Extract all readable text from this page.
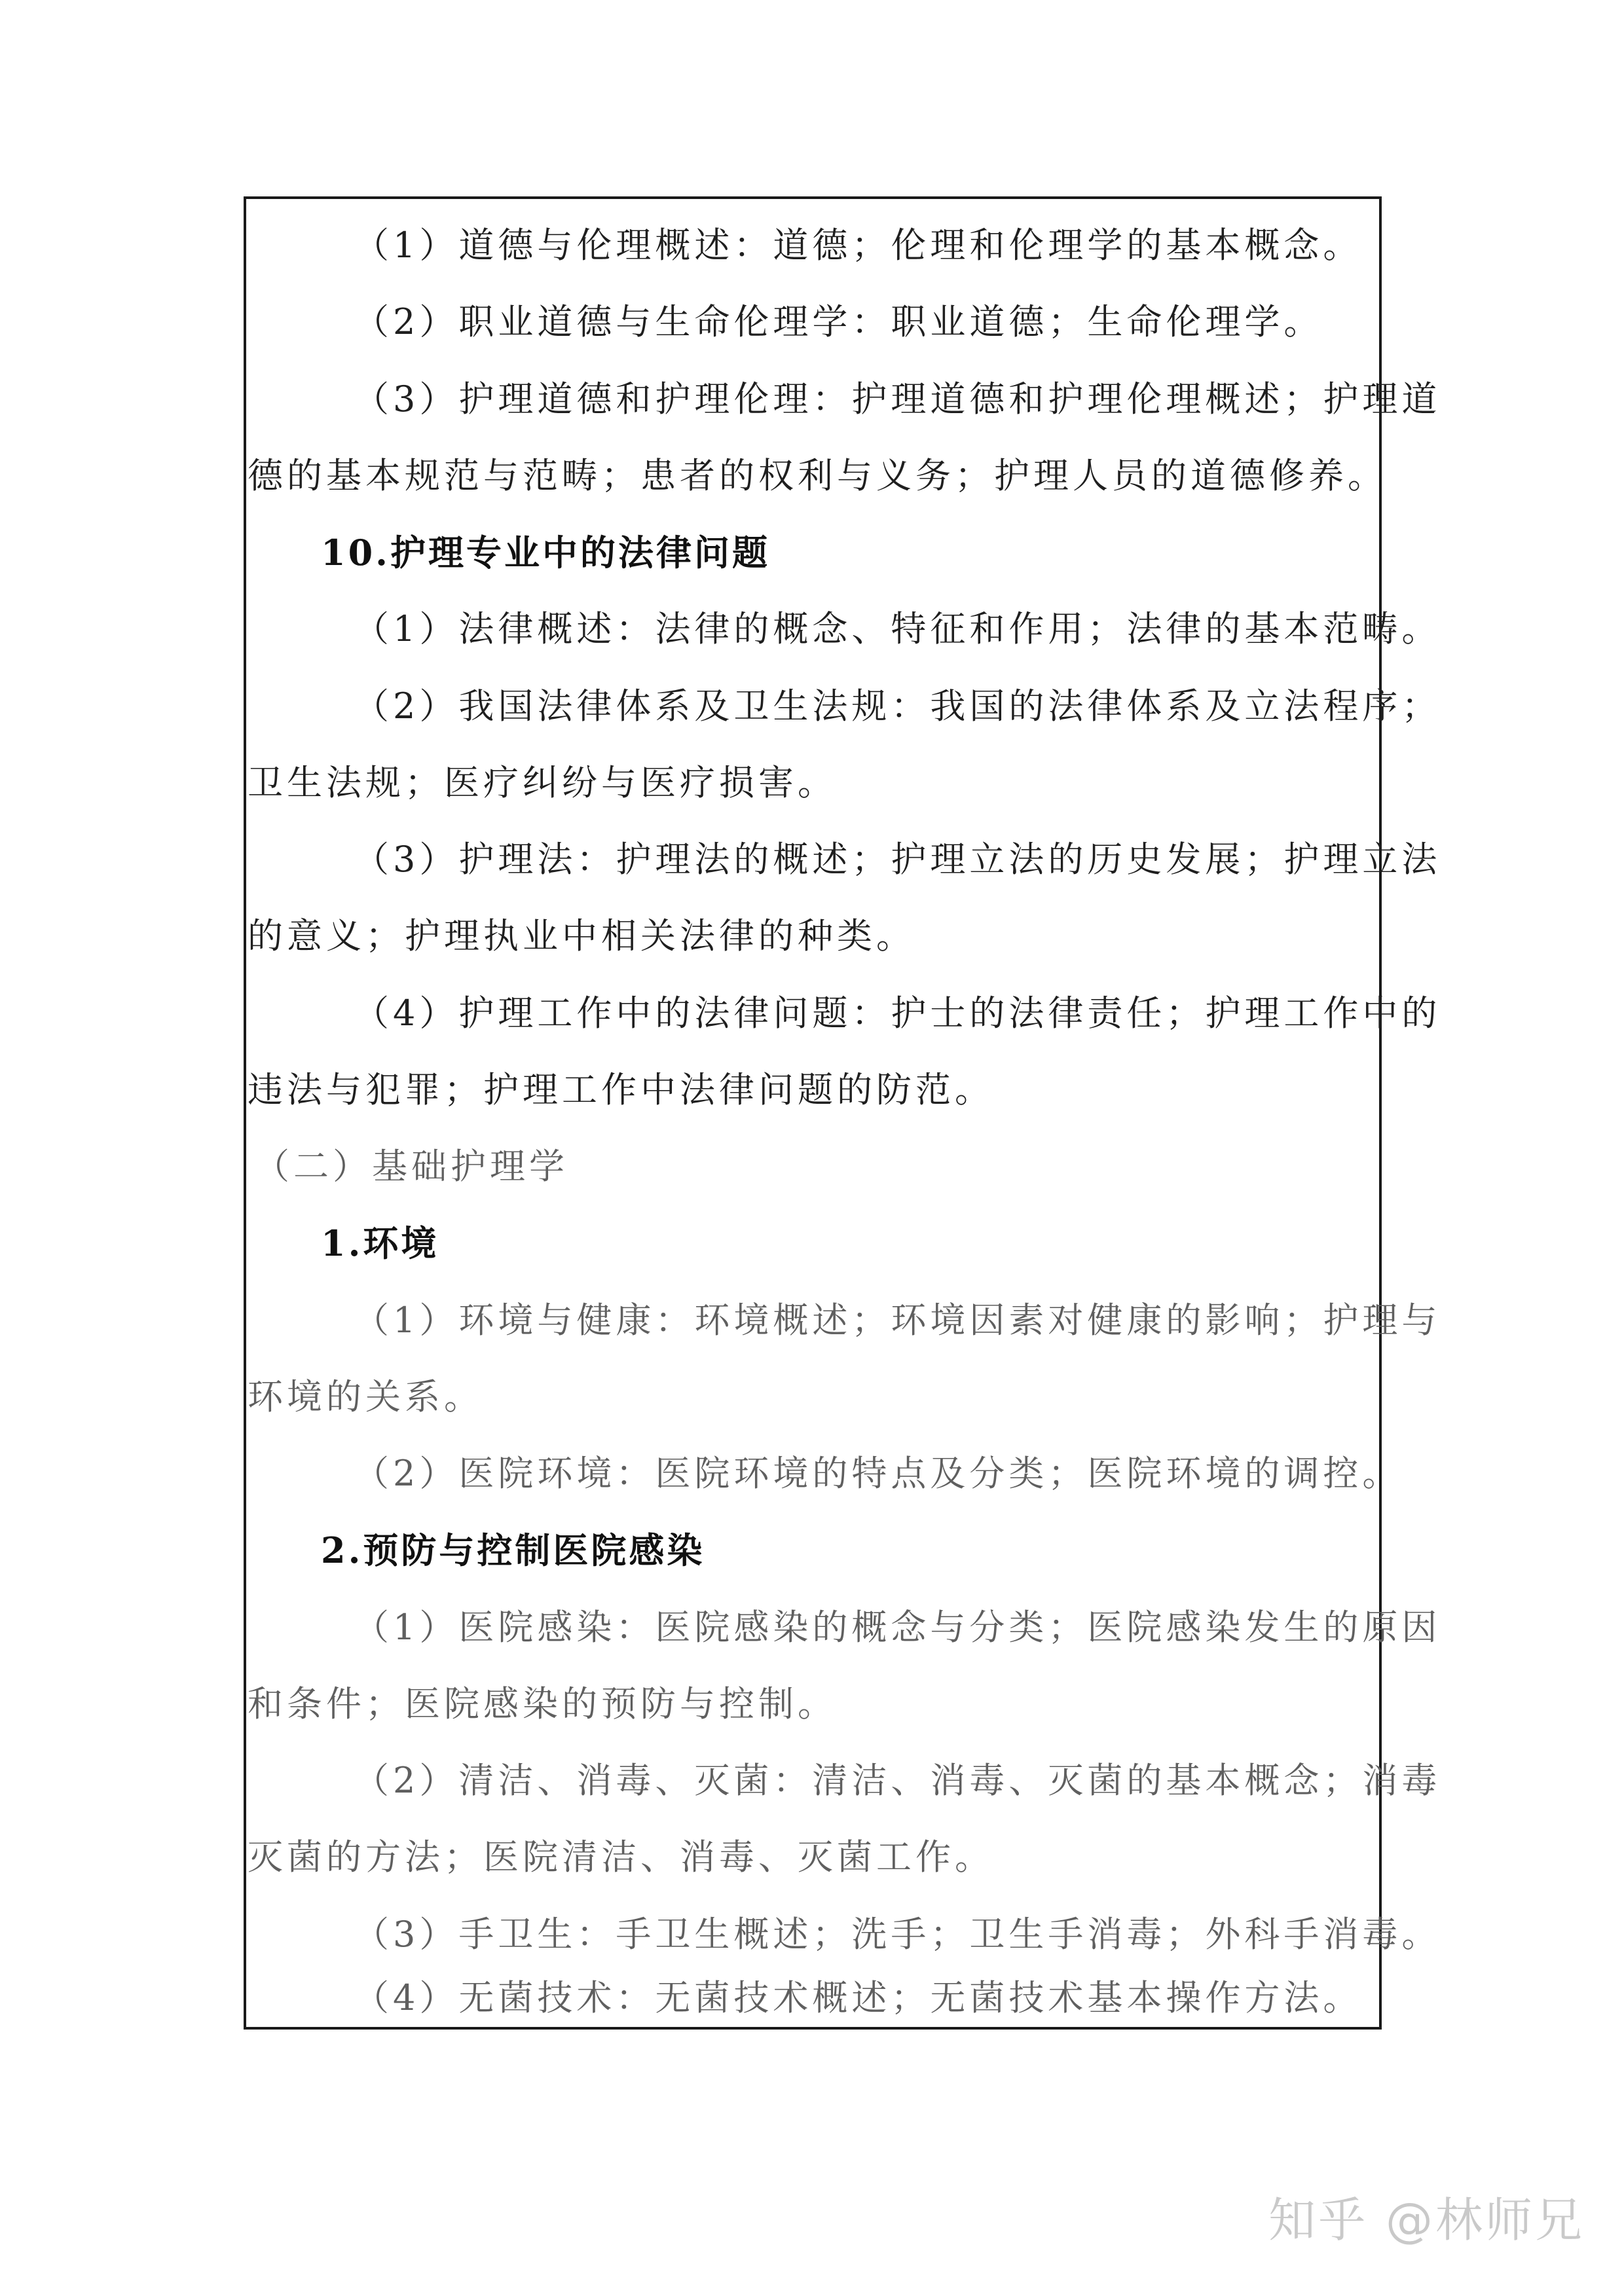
（1）道德与伦理概述：道德；伦理和伦理学的基本概念。
（2）职业道德与生命伦理学：职业道德；生命伦理学。
（3）护理道德和护理伦理：护理道德和护理伦理概述；护理道
德的基本规范与范畴；患者的权利与义务；护理人员的道德修养。
10.护理专业中的法律问题
（1）法律概述：法律的概念、特征和作用；法律的基本范畴。
（2）我国法律体系及卫生法规：我国的法律体系及立法程序；
卫生法规；医疗纠纷与医疗损害。
（3）护理法：护理法的概述；护理立法的历史发展；护理立法
的意义；护理执业中相关法律的种类。
（4）护理工作中的法律问题：护士的法律责任；护理工作中的
违法与犯罪；护理工作中法律问题的防范。
（二）基础护理学
1.环境
（1）环境与健康：环境概述；环境因素对健康的影响；护理与
环境的关系。
（2）医院环境：医院环境的特点及分类；医院环境的调控。
2.预防与控制医院感染
（1）医院感染：医院感染的概念与分类；医院感染发生的原因
和条件；医院感染的预防与控制。
（2）清洁、消毒、灭菌：清洁、消毒、灭菌的基本概念；消毒
灭菌的方法；医院清洁、消毒、灭菌工作。
（3）手卫生：手卫生概述；洗手；卫生手消毒；外科手消毒。
（4）无菌技术：无菌技术概述；无菌技术基本操作方法。
知乎 @林师兄
